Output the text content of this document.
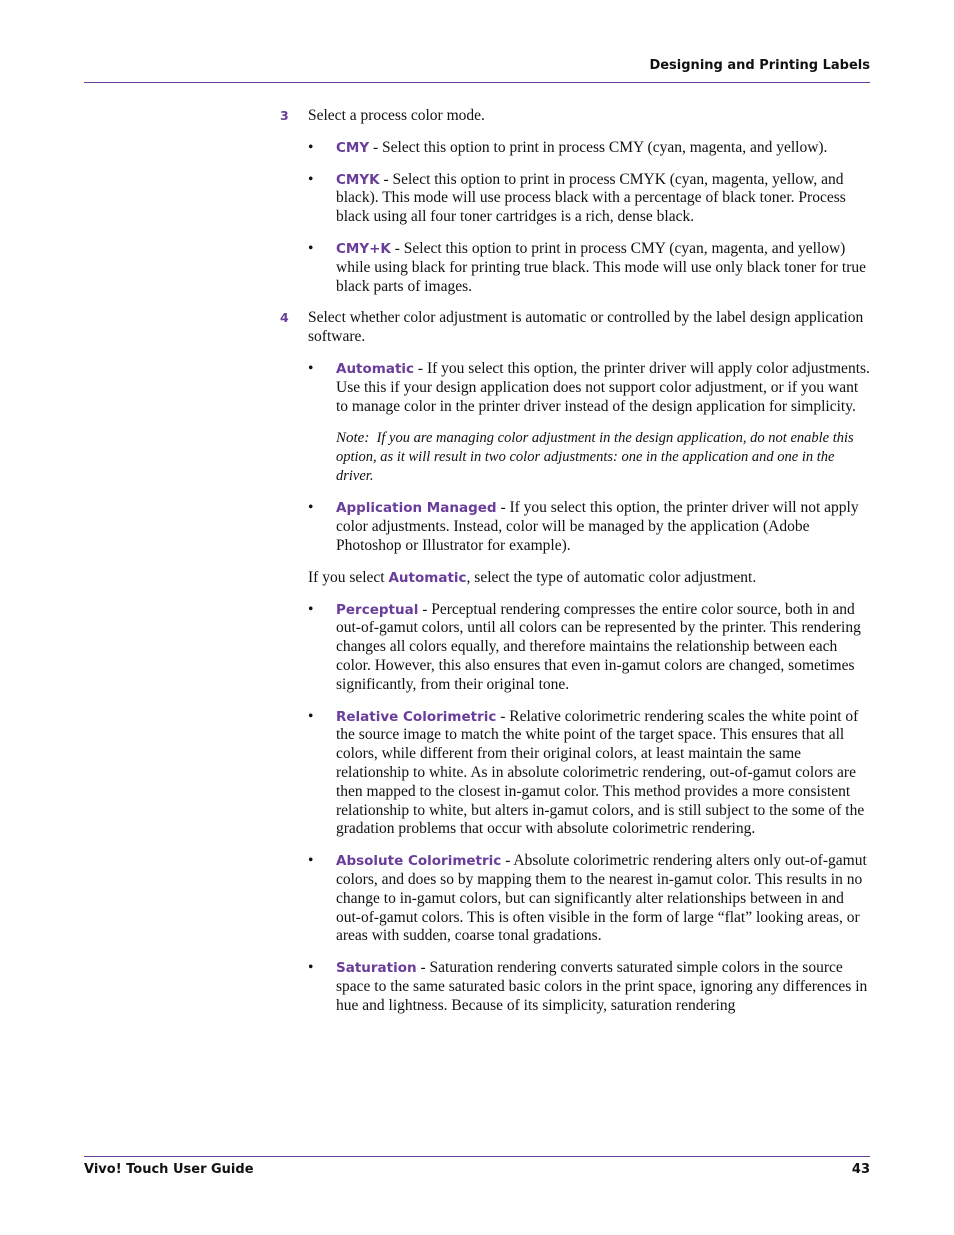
Designing and Printing Labels
3 Select a process color mode.
• CMY - Select this option to print in process CMY (cyan, magenta, and yellow).
• CMYK - Select this option to print in process CMYK (cyan, magenta, yellow, and black). This mode will use process black with a percentage of black toner. Process black using all four toner cartridges is a rich, dense black.
• CMY+K - Select this option to print in process CMY (cyan, magenta, and yellow) while using black for printing true black. This mode will use only black toner for true black parts of images.
4 Select whether color adjustment is automatic or controlled by the label design application software.
• Automatic - If you select this option, the printer driver will apply color adjustments. Use this if your design application does not support color adjustment, or if you want to manage color in the printer driver instead of the design application for simplicity.
Note: If you are managing color adjustment in the design application, do not enable this option, as it will result in two color adjustments: one in the application and one in the driver.
• Application Managed - If you select this option, the printer driver will not apply color adjustments. Instead, color will be managed by the application (Adobe Photoshop or Illustrator for example).
If you select Automatic, select the type of automatic color adjustment.
• Perceptual - Perceptual rendering compresses the entire color source, both in and out-of-gamut colors, until all colors can be represented by the printer. This rendering changes all colors equally, and therefore maintains the relationship between each color. However, this also ensures that even in-gamut colors are changed, sometimes significantly, from their original tone.
• Relative Colorimetric - Relative colorimetric rendering scales the white point of the source image to match the white point of the target space. This ensures that all colors, while different from their original colors, at least maintain the same relationship to white. As in absolute colorimetric rendering, out-of-gamut colors are then mapped to the closest in-gamut color. This method provides a more consistent relationship to white, but alters in-gamut colors, and is still subject to the some of the gradation problems that occur with absolute colorimetric rendering.
• Absolute Colorimetric - Absolute colorimetric rendering alters only out-of-gamut colors, and does so by mapping them to the nearest in-gamut color. This results in no change to in-gamut colors, but can significantly alter relationships between in and out-of-gamut colors. This is often visible in the form of large “flat” looking areas, or areas with sudden, coarse tonal gradations.
• Saturation - Saturation rendering converts saturated simple colors in the source space to the same saturated basic colors in the print space, ignoring any differences in hue and lightness. Because of its simplicity, saturation rendering
Vivo! Touch User Guide	43
